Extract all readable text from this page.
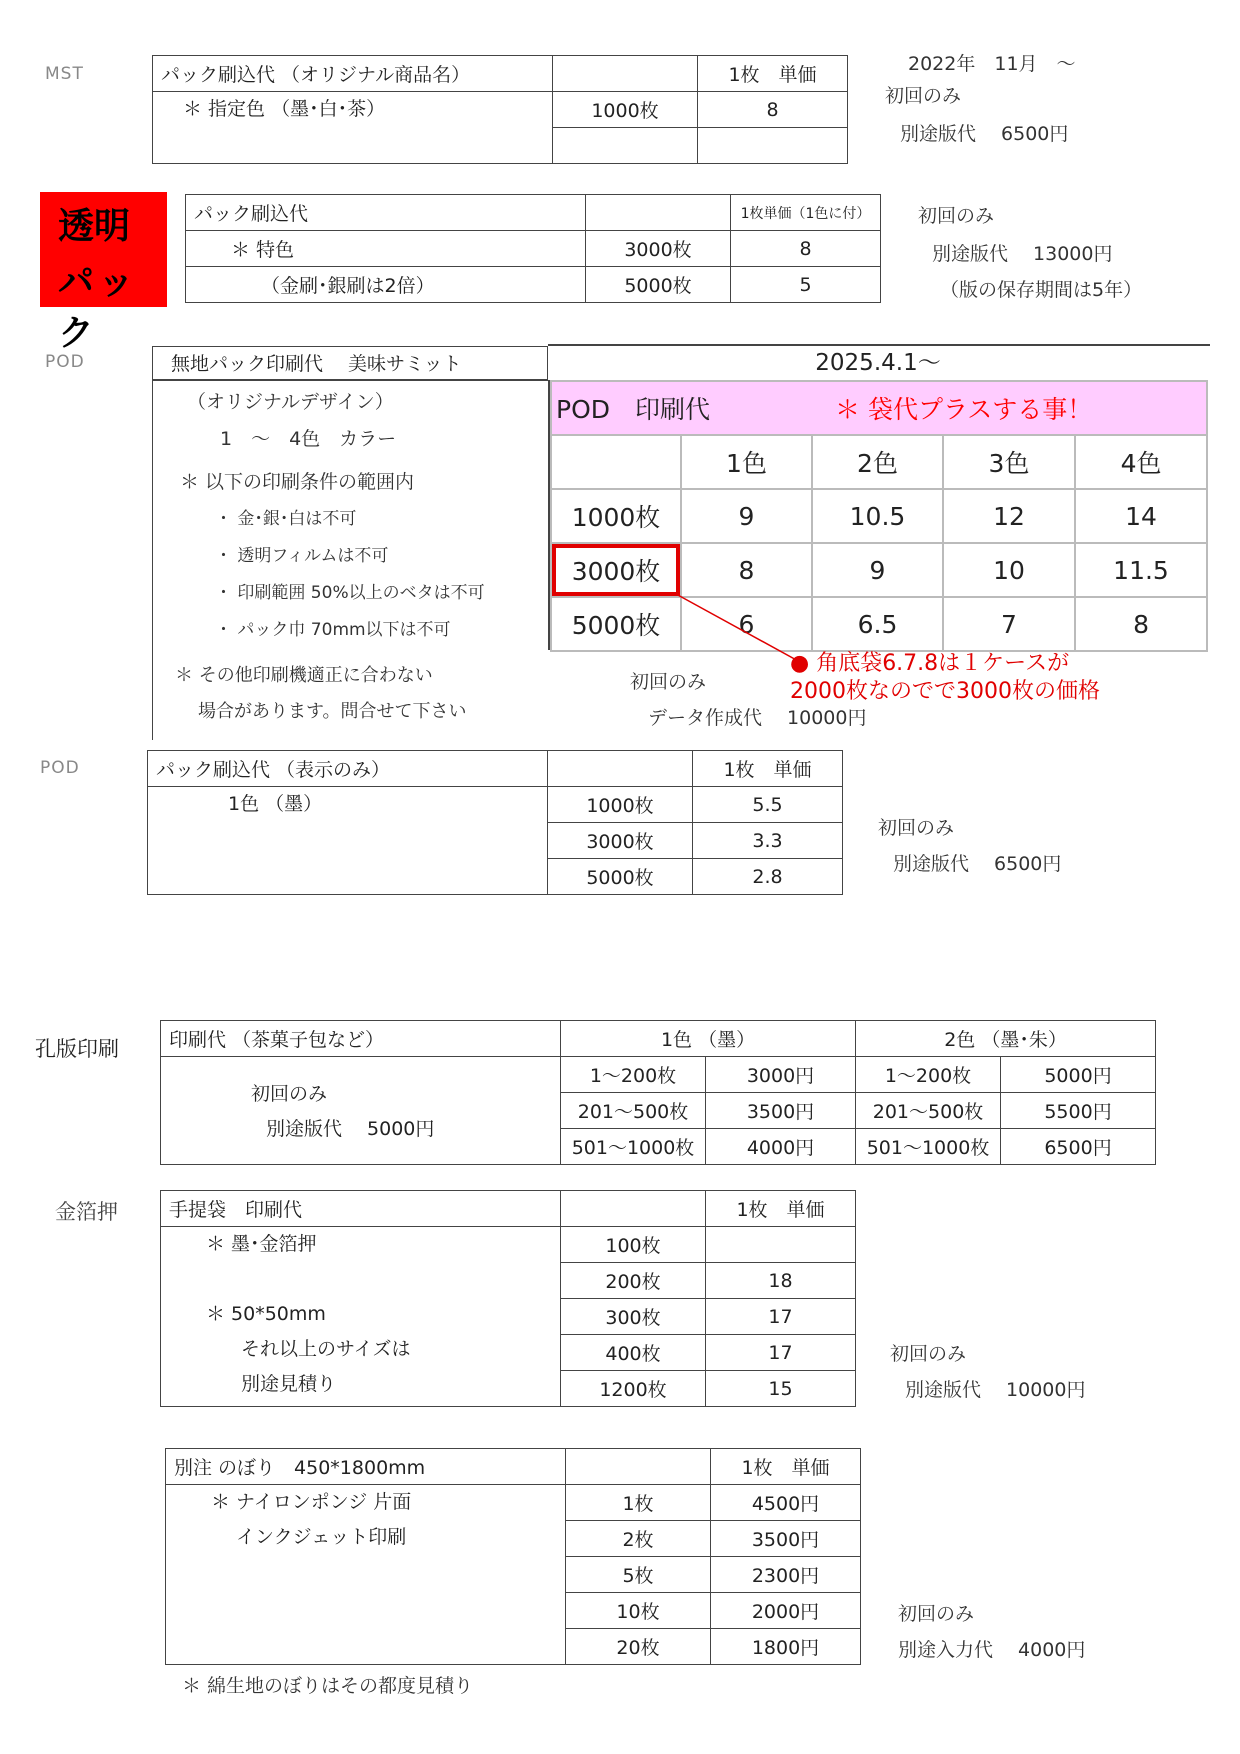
MST	パック刷込代 （オリジナル商品名）		1枚　単価
＊ 指定色 （墨･白･茶）	1000枚	8

2022年　11月　～
初回のみ
別途版代　 6500円
透明
パック
パック刷込代		1枚単価（1色に付）
＊ 特色	3000枚	8
（金刷･銀刷は2倍）	5000枚	5
初回のみ
別途版代　 13000円
（版の保存期間は5年）
POD	無地パック印刷代　 美味サミット
（オリジナルデザイン）
1　～　4色　カラー
＊ 以下の印刷条件の範囲内
・ 金･銀･白は不可
・ 透明フィルムは不可
・ 印刷範囲 50%以上のベタは不可
・ パック巾 70mm以下は不可
＊ その他印刷機適正に合わない
場合があります。問合せて下さい
2025.4.1～
POD　印刷代 ＊ 袋代プラスする事！				
	1色	2色	3色	4色
1000枚	9	10.5	12	14
3000枚	8	9	10	11.5
5000枚	6	6.5	7	8
● 角底袋6.7.8は１ケースが
2000枚なのでで3000枚の価格
初回のみ
データ作成代　 10000円
POD	パック刷込代 （表示のみ）		1枚　単価
1色 （墨）	1000枚	5.5
	3000枚	3.3
	5000枚	2.8
初回のみ
別途版代　 6500円
孔版印刷	印刷代 （茶菓子包など）	1色 （墨）		2色 （墨･朱）	

初回のみ
別途版代　 5000円	1～200枚	3000円	1～200枚	5000円
	201～500枚	3500円	201～500枚	5500円
	501～1000枚	4000円	501～1000枚	6500円
金箔押	手提袋　印刷代		1枚　単価

＊ 墨･金箔押
＊ 50*50mm
それ以上のサイズは
別途見積り	100枚	
	200枚	18
	300枚	17
	400枚	17
	1200枚	15
初回のみ
別途版代　 10000円
別注 のぼり　450*1800mm		1枚　単価

＊ ナイロンポンジ 片面
インクジェット印刷	1枚	4500円
	2枚	3500円
	5枚	2300円
	10枚	2000円
	20枚	1800円
初回のみ
別途入力代　 4000円
＊ 綿生地のぼりはその都度見積り
